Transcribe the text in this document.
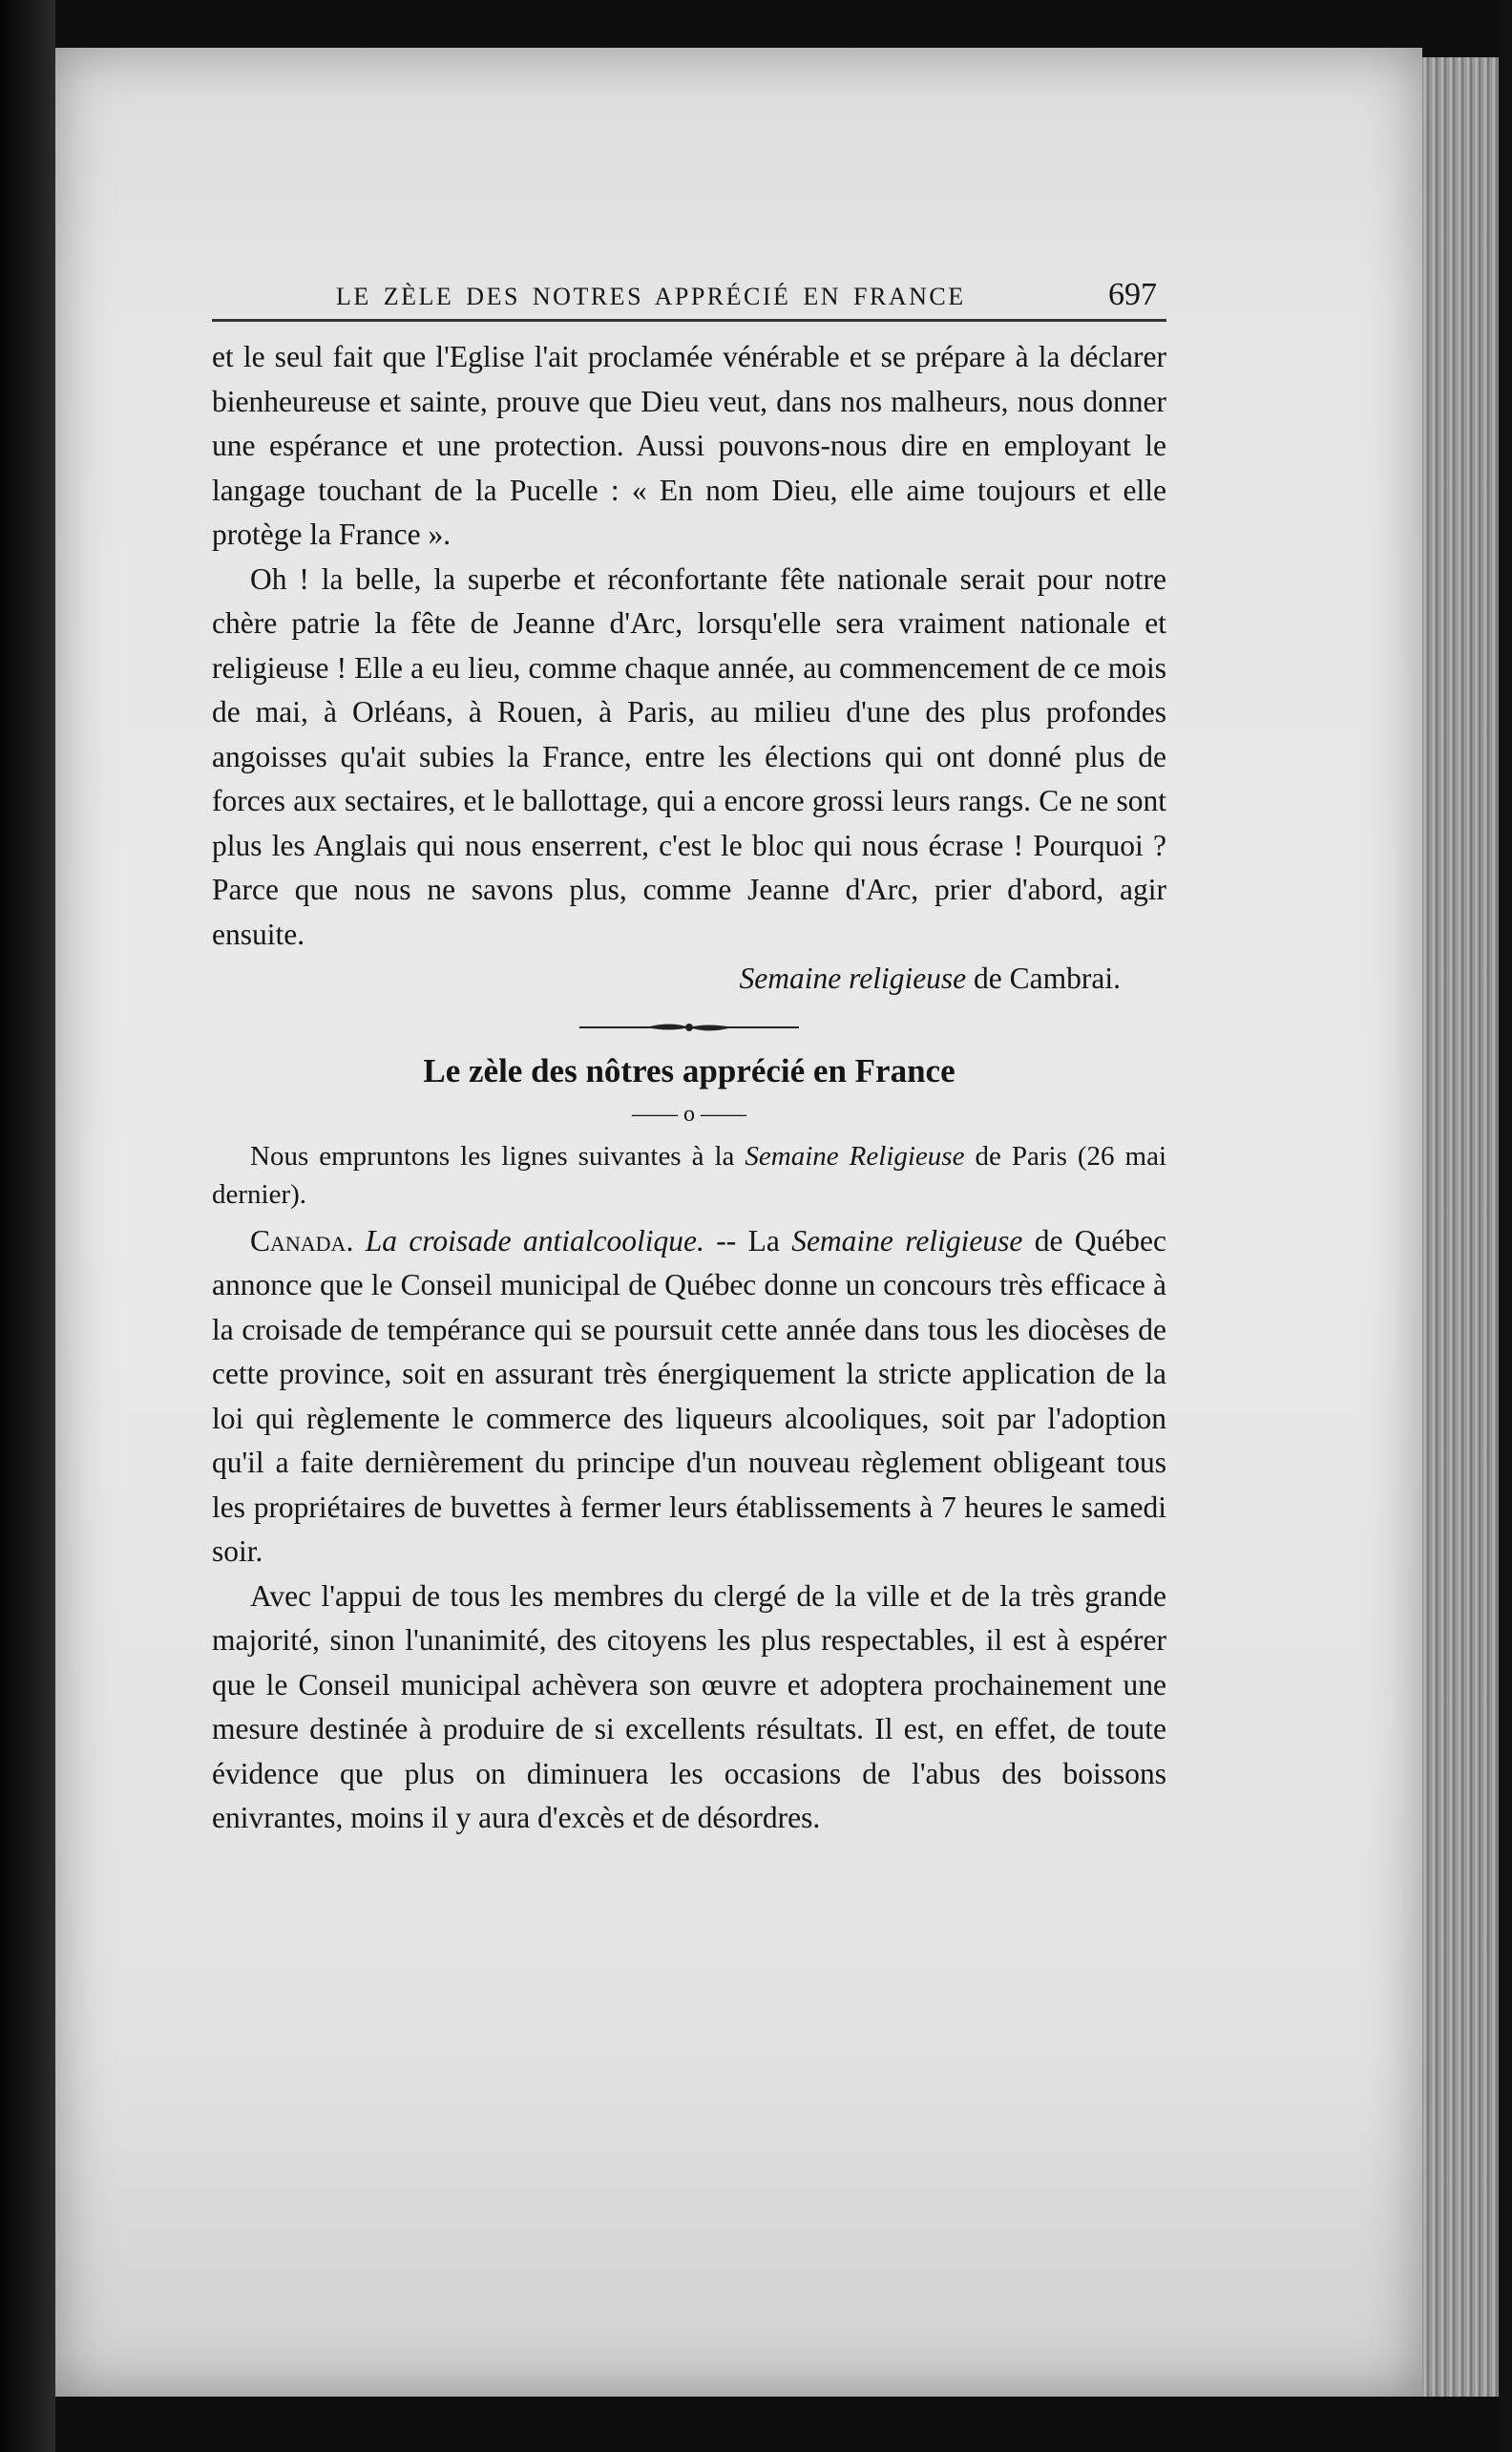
LE ZÈLE DES NOTRES APPRÉCIÉ EN FRANCE	697

et le seul fait que l'Eglise l'ait proclamée vénérable et se prépare à la déclarer bienheureuse et sainte, prouve que Dieu veut, dans nos malheurs, nous donner une espérance et une protection. Aussi pouvons-nous dire en employant le langage touchant de la Pucelle : « En nom Dieu, elle aime toujours et elle protège la France ».

Oh ! la belle, la superbe et réconfortante fête nationale serait pour notre chère patrie la fête de Jeanne d'Arc, lorsqu'elle sera vraiment nationale et religieuse ! Elle a eu lieu, comme chaque année, au commencement de ce mois de mai, à Orléans, à Rouen, à Paris, au milieu d'une des plus profondes angoisses qu'ait subies la France, entre les élections qui ont donné plus de forces aux sectaires, et le ballottage, qui a encore grossi leurs rangs. Ce ne sont plus les Anglais qui nous enserrent, c'est le bloc qui nous écrase ! Pourquoi ? Parce que nous ne savons plus, comme Jeanne d'Arc, prier d'abord, agir ensuite.

Semaine religieuse de Cambrai.

Le zèle des nôtres apprécié en France
—— o ——

Nous empruntons les lignes suivantes à la Semaine Religieuse de Paris (26 mai dernier).

Canada. La croisade antialcoolique. -- La Semaine religieuse de Québec annonce que le Conseil municipal de Québec donne un concours très efficace à la croisade de tempérance qui se poursuit cette année dans tous les diocèses de cette province, soit en assurant très énergiquement la stricte application de la loi qui règlemente le commerce des liqueurs alcooliques, soit par l'adoption qu'il a faite dernièrement du principe d'un nouveau règlement obligeant tous les propriétaires de buvettes à fermer leurs établissements à 7 heures le samedi soir.

Avec l'appui de tous les membres du clergé de la ville et de la très grande majorité, sinon l'unanimité, des citoyens les plus respectables, il est à espérer que le Conseil municipal achèvera son œuvre et adoptera prochainement une mesure destinée à produire de si excellents résultats. Il est, en effet, de toute évidence que plus on diminuera les occasions de l'abus des boissons enivrantes, moins il y aura d'excès et de désordres.
